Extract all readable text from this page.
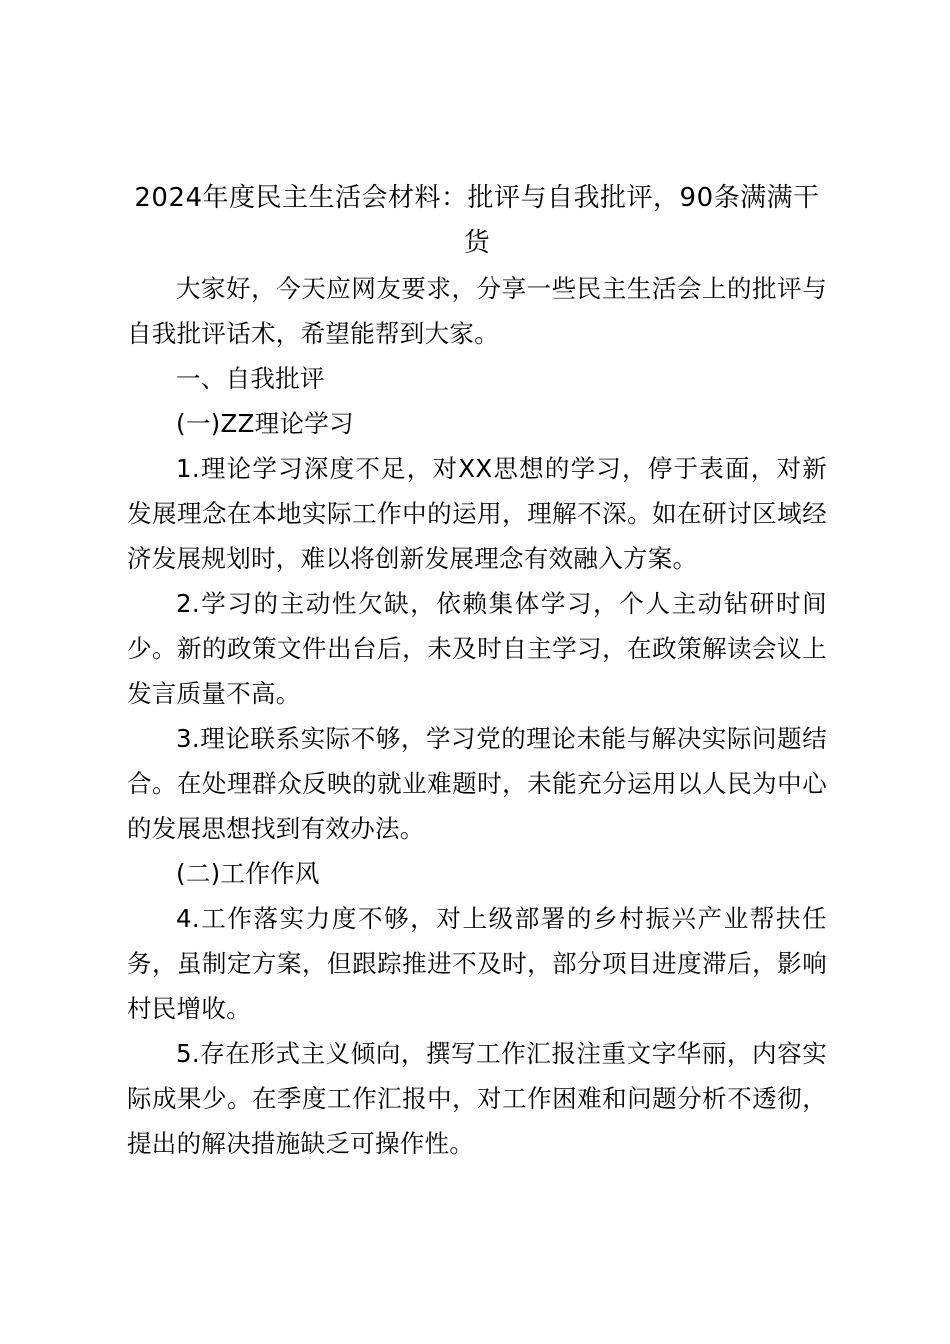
2024年度民主生活会材料：批评与自我批评，90条满满干货

大家好，今天应网友要求，分享一些民主生活会上的批评与自我批评话术，希望能帮到大家。

一、自我批评

(一)ZZ理论学习

1.理论学习深度不足，对XX思想的学习，停于表面，对新发展理念在本地实际工作中的运用，理解不深。如在研讨区域经济发展规划时，难以将创新发展理念有效融入方案。

2.学习的主动性欠缺，依赖集体学习，个人主动钻研时间少。新的政策文件出台后，未及时自主学习，在政策解读会议上发言质量不高。

3.理论联系实际不够，学习党的理论未能与解决实际问题结合。在处理群众反映的就业难题时，未能充分运用以人民为中心的发展思想找到有效办法。

(二)工作作风

4.工作落实力度不够，对上级部署的乡村振兴产业帮扶任务，虽制定方案，但跟踪推进不及时，部分项目进度滞后，影响村民增收。

5.存在形式主义倾向，撰写工作汇报注重文字华丽，内容实际成果少。在季度工作汇报中，对工作困难和问题分析不透彻，提出的解决措施缺乏可操作性。
